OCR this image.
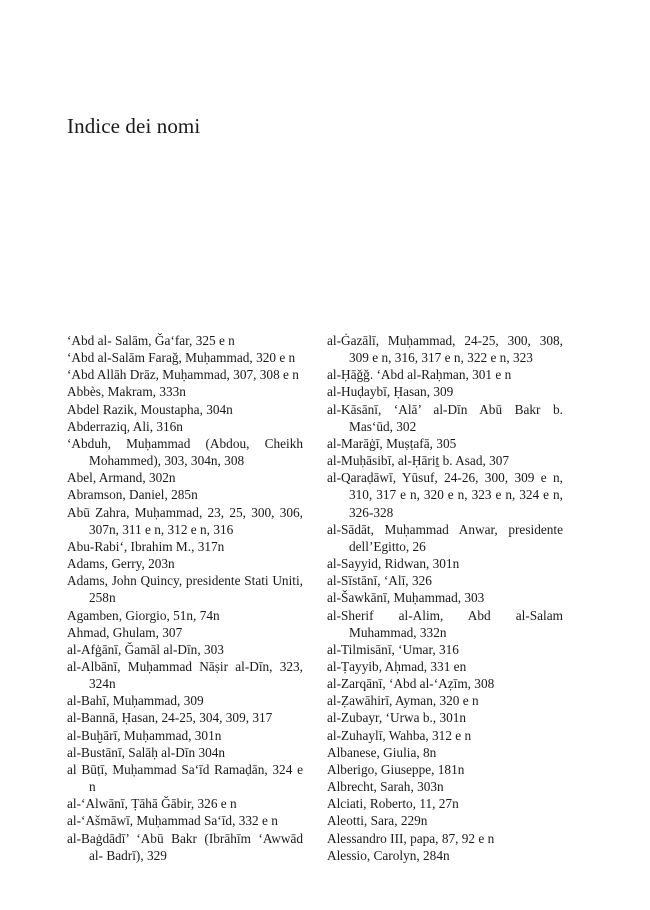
Indice dei nomi

‘Abd al- Salām, Ǧa‘far, 325 e n

‘Abd al-Salām Farağ, Muḥammad, 320 e n

‘Abd Allāh Drāz, Muḥammad, 307, 308 e n

Abbès, Makram, 333n

Abdel Razik, Moustapha, 304n

Abderraziq, Ali, 316n

‘Abduh, Muḥammad (Abdou, Cheikh Mohammed), 303, 304n, 308

Abel, Armand, 302n

Abramson, Daniel, 285n

Abū Zahra, Muḥammad, 23, 25, 300, 306, 307n, 311 e n, 312 e n, 316

Abu-Rabi‘, Ibrahim M., 317n

Adams, Gerry, 203n

Adams, John Quincy, presidente Stati Uniti, 258n

Agamben, Giorgio, 51n, 74n

Ahmad, Ghulam, 307

al-Afġānī, Ǧamāl al-Dīn, 303

al-Albānī, Muḥammad Nāṣir al-Dīn, 323, 324n

al-Bahī, Muḥammad, 309

al-Bannā, Ḥasan, 24-25, 304, 309, 317

al-Buḫārī, Muḥammad, 301n

al-Bustānī, Salāḥ al-Dīn 304n

al Būṭī, Muḥammad Sa‘īd Ramaḍān, 324 e n

al-‘Alwānī, Ṭāhā Ǧābir, 326 e n

al-‘Ašmāwī, Muḥammad Sa‘īd, 332 e n

al-Baġdādī’ ‘Abū Bakr (Ibrāhīm ‘Awwād al- Badrī), 329

al-Ġazālī, Muḥammad, 24-25, 300, 308, 309 e n, 316, 317 e n, 322 e n, 323

al-Ḥāǧǧ. ‘Abd al-Raḥman, 301 e n

al-Huḍaybī, Ḥasan, 309

al-Kāsānī, ‘Alā’ al-Dīn Abū Bakr b. Mas‘ūd, 302

al-Marāġī, Muṣṭafā, 305

al-Muḥāsibī, al-Ḥāriṯ b. Asad, 307

al-Qaraḍāwī, Yūsuf, 24-26, 300, 309 e n, 310, 317 e n, 320 e n, 323 e n, 324 e n, 326-328

al-Sādāt, Muḥammad Anwar, presidente dell’Egitto, 26

al-Sayyid, Ridwan, 301n

al-Sīstānī, ‘Alī, 326

al-Šawkānī, Muḥammad, 303

al-Sherif al-Alim, Abd al-Salam Muhammad, 332n

al-Tilmisānī, ‘Umar, 316

al-Ṭayyib, Aḥmad, 331 en

al-Zarqānī, ‘Abd al-‘Aẓīm, 308

al-Ẓawāhirī, Ayman, 320 e n

al-Zubayr, ‘Urwa b., 301n

al-Zuhaylī, Wahba, 312 e n

Albanese, Giulia, 8n

Alberigo, Giuseppe, 181n

Albrecht, Sarah, 303n

Alciati, Roberto, 11, 27n

Aleotti, Sara, 229n

Alessandro III, papa, 87, 92 e n

Alessio, Carolyn, 284n
